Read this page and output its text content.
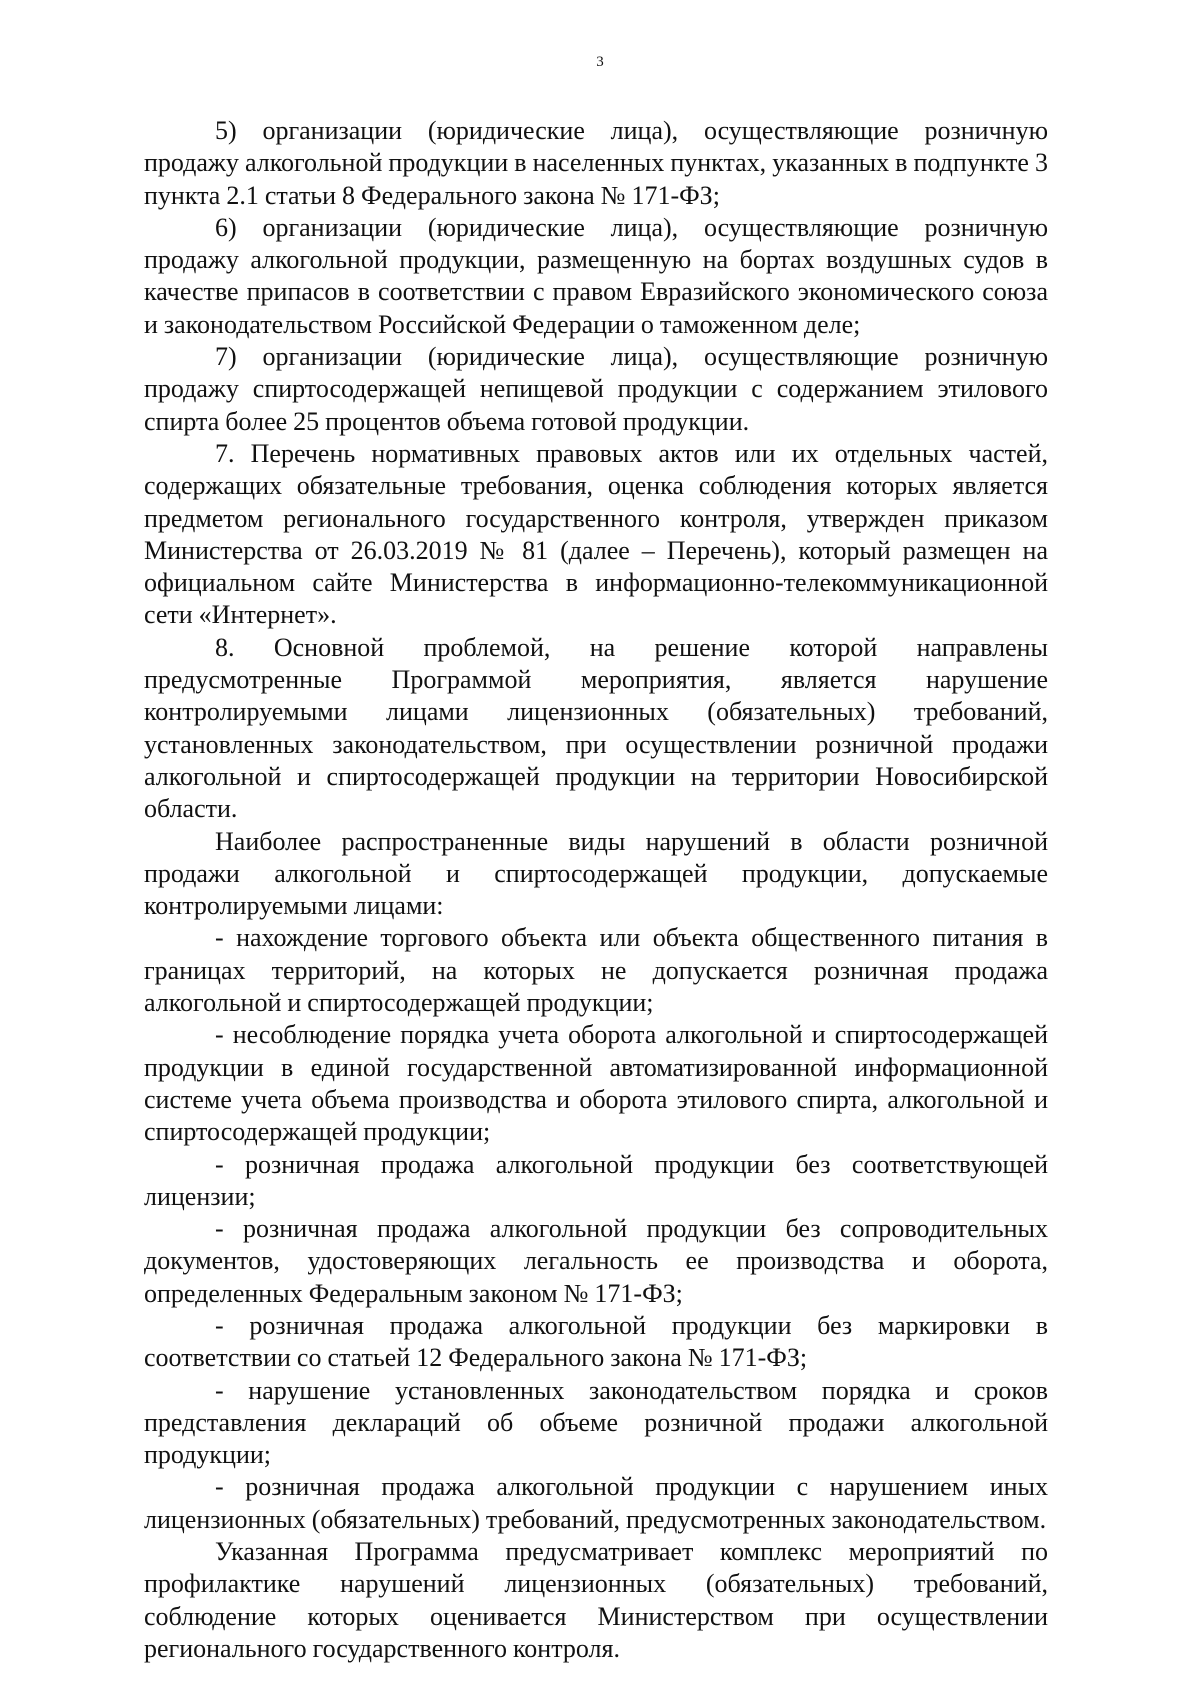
3

5) организации (юридические лица), осуществляющие розничную продажу алкогольной продукции в населенных пунктах, указанных в подпункте 3 пункта 2.1 статьи 8 Федерального закона № 171-ФЗ;

6) организации (юридические лица), осуществляющие розничную продажу алкогольной продукции, размещенную на бортах воздушных судов в качестве припасов в соответствии с правом Евразийского экономического союза и законодательством Российской Федерации о таможенном деле;

7) организации (юридические лица), осуществляющие розничную продажу спиртосодержащей непищевой продукции с содержанием этилового спирта более 25 процентов объема готовой продукции.

7. Перечень нормативных правовых актов или их отдельных частей, содержащих обязательные требования, оценка соблюдения которых является предметом регионального государственного контроля, утвержден приказом Министерства от 26.03.2019 № 81 (далее – Перечень), который размещен на официальном сайте Министерства в информационно-телекоммуникационной сети «Интернет».

8. Основной проблемой, на решение которой направлены предусмотренные Программой мероприятия, является нарушение контролируемыми лицами лицензионных (обязательных) требований, установленных законодательством, при осуществлении розничной продажи алкогольной и спиртосодержащей продукции на территории Новосибирской области.

Наиболее распространенные виды нарушений в области розничной продажи алкогольной и спиртосодержащей продукции, допускаемые контролируемыми лицами:

- нахождение торгового объекта или объекта общественного питания в границах территорий, на которых не допускается розничная продажа алкогольной и спиртосодержащей продукции;

- несоблюдение порядка учета оборота алкогольной и спиртосодержащей продукции в единой государственной автоматизированной информационной системе учета объема производства и оборота этилового спирта, алкогольной и спиртосодержащей продукции;

- розничная продажа алкогольной продукции без соответствующей лицензии;

- розничная продажа алкогольной продукции без сопроводительных документов, удостоверяющих легальность ее производства и оборота, определенных Федеральным законом № 171-ФЗ;

- розничная продажа алкогольной продукции без маркировки в соответствии со статьей 12 Федерального закона № 171-ФЗ;

- нарушение установленных законодательством порядка и сроков представления деклараций об объеме розничной продажи алкогольной продукции;

- розничная продажа алкогольной продукции с нарушением иных лицензионных (обязательных) требований, предусмотренных законодательством.

Указанная Программа предусматривает комплекс мероприятий по профилактике нарушений лицензионных (обязательных) требований, соблюдение которых оценивается Министерством при осуществлении регионального государственного контроля.
